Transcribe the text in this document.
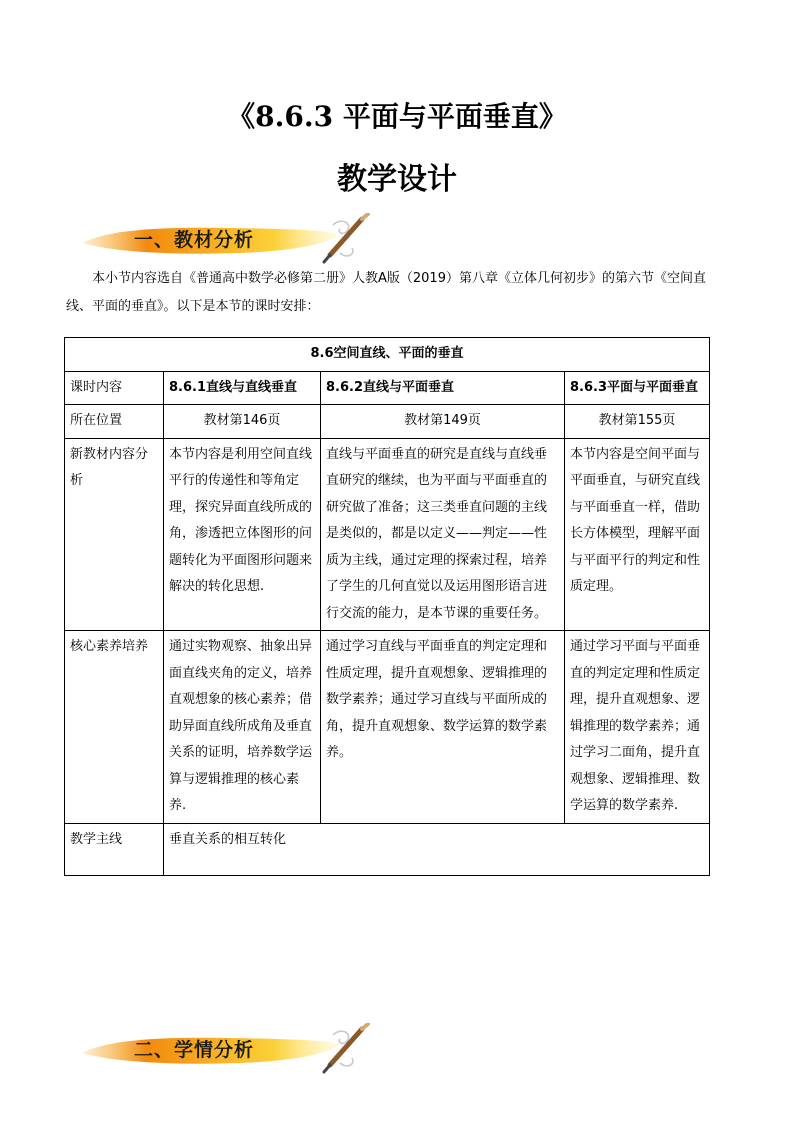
《8.6.3 平面与平面垂直》
教学设计
一、教材分析
本小节内容选自《普通高中数学必修第二册》人教A版（2019）第八章《立体几何初步》的第六节《空间直线、平面的垂直》。以下是本节的课时安排：
8.6空间直线、平面的垂直			
课时内容	8.6.1直线与直线垂直	8.6.2直线与平面垂直	8.6.3平面与平面垂直
所在位置	教材第146页	教材第149页	教材第155页
新教材内容分析	本节内容是利用空间直线平行的传递性和等角定理，探究异面直线所成的角，渗透把立体图形的问题转化为平面图形问题来解决的转化思想.	直线与平面垂直的研究是直线与直线垂直研究的继续，也为平面与平面垂直的研究做了准备；这三类垂直问题的主线是类似的，都是以定义——判定——性质为主线，通过定理的探索过程，培养了学生的几何直觉以及运用图形语言进行交流的能力，是本节课的重要任务。	本节内容是空间平面与平面垂直，与研究直线与平面垂直一样，借助长方体模型，理解平面与平面平行的判定和性质定理。
核心素养培养	通过实物观察、抽象出异面直线夹角的定义，培养直观想象的核心素养；借助异面直线所成角及垂直关系的证明，培养数学运算与逻辑推理的核心素养.	通过学习直线与平面垂直的判定定理和性质定理，提升直观想象、逻辑推理的数学素养；通过学习直线与平面所成的角，提升直观想象、数学运算的数学素养。	通过学习平面与平面垂直的判定定理和性质定理，提升直观想象、逻辑推理的数学素养；通过学习二面角，提升直观想象、逻辑推理、数学运算的数学素养.
教学主线	垂直关系的相互转化		
二、学情分析
